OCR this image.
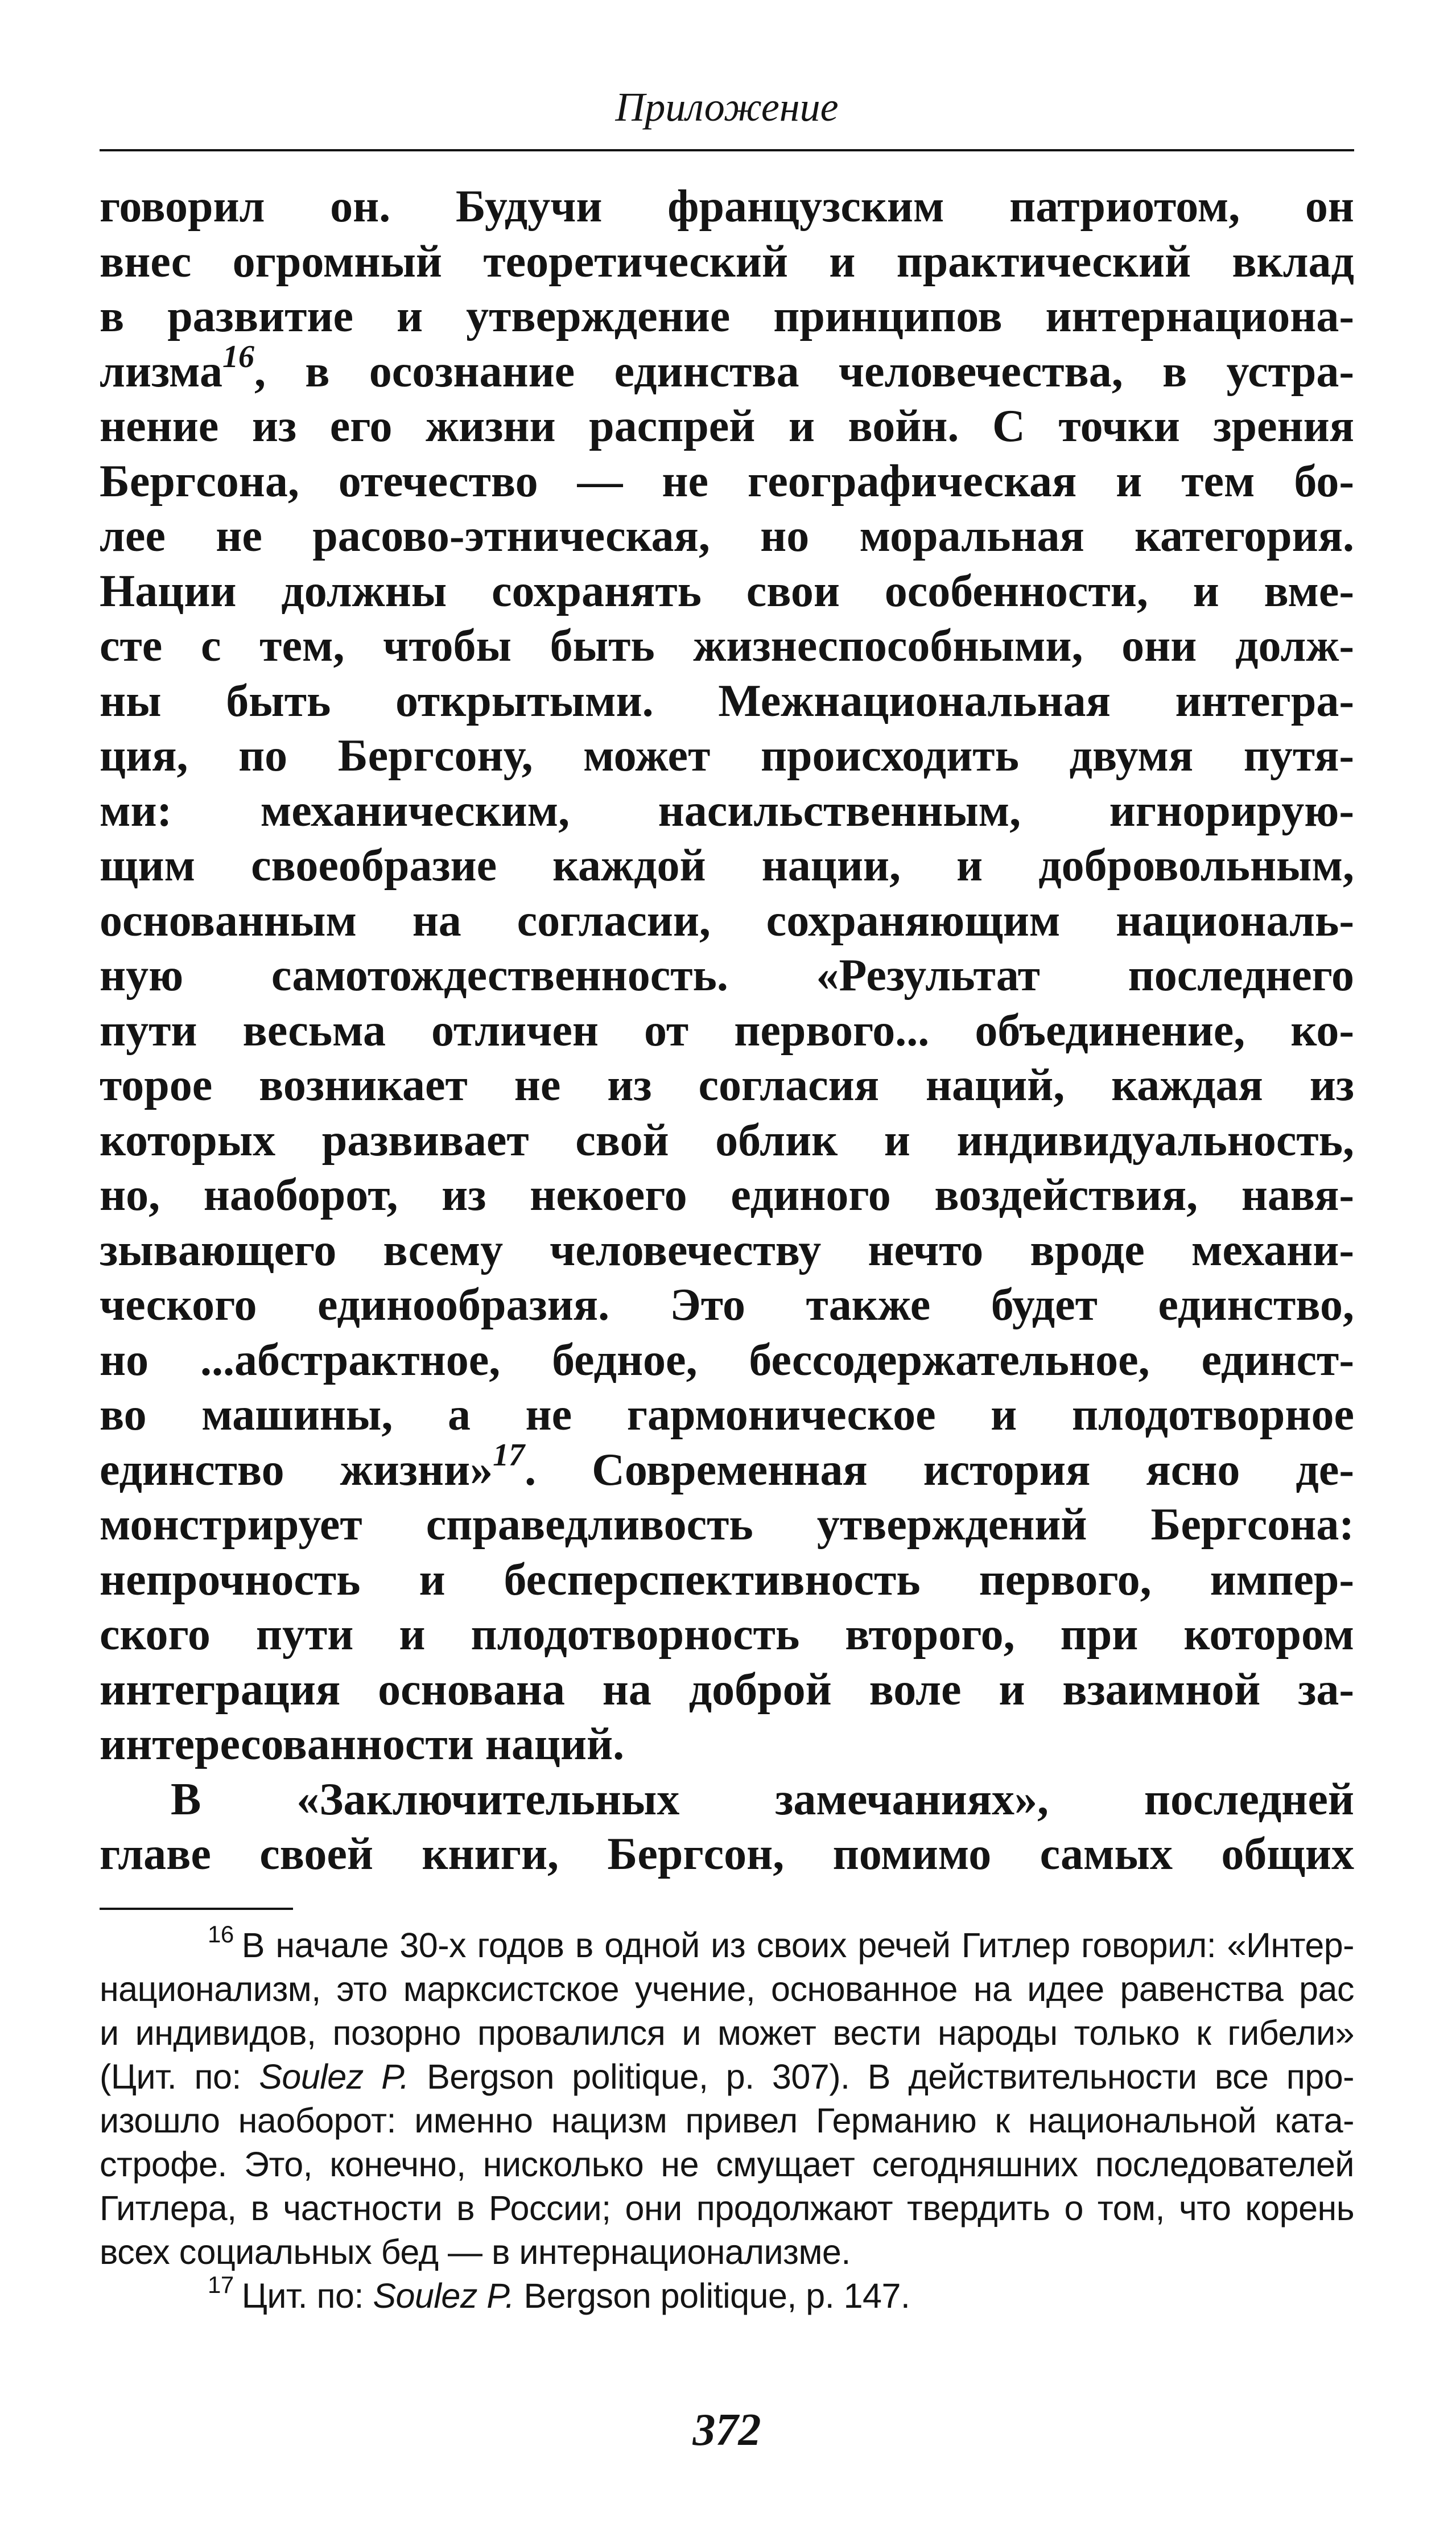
Приложение

говорил он. Будучи французским патриотом, он
внес огромный теоретический и практический вклад
в развитие и утверждение принципов интернациона-
лизма$^{16}$, в осознание единства человечества, в устра-
нение из его жизни распрей и войн. С точки зрения
Бергсона, отечество — не географическая и тем бо-
лее не расово-этническая, но моральная категория.
Нации должны сохранять свои особенности, и вме-
сте с тем, чтобы быть жизнеспособными, они долж-
ны быть открытыми. Межнациональная интегра-
ция, по Бергсону, может происходить двумя путя-
ми: механическим, насильственным, игнорирую-
щим своеобразие каждой нации, и добровольным,
основанным на согласии, сохраняющим националь-
ную самотождественность. «Результат последнего
пути весьма отличен от первого... объединение, ко-
торое возникает не из согласия наций, каждая из
которых развивает свой облик и индивидуальность,
но, наоборот, из некоего единого воздействия, навя-
зывающего всему человечеству нечто вроде механи-
ческого единообразия. Это также будет единство,
но ...абстрактное, бедное, бессодержательное, единст-
во машины, а не гармоническое и плодотворное
единство жизни»$^{17}$. Современная история ясно де-
монстрирует справедливость утверждений Бергсона:
непрочность и бесперспективность первого, импер-
ского пути и плодотворность второго, при котором
интеграция основана на доброй воле и взаимной за-
интересованности наций.

В «Заключительных замечаниях», последней
главе своей книги, Бергсон, помимо самых общих
$^{16}$ В начале 30-х годов в одной из своих речей Гитлер говорил: «Интер-
национализм, это марксистское учение, основанное на идее равенства рас
и индивидов, позорно провалился и может вести народы только к гибели»
(Цит. по: Soulez P. Bergson politique, p. 307). В действительности все про-
изошло наоборот: именно нацизм привел Германию к национальной ката-
строфе. Это, конечно, нисколько не смущает сегодняшних последователей
Гитлера, в частности в России; они продолжают твердить о том, что корень
всех социальных бед — в интернационализме.
$^{17}$ Цит. по: Soulez P. Bergson politique, p. 147.
372
